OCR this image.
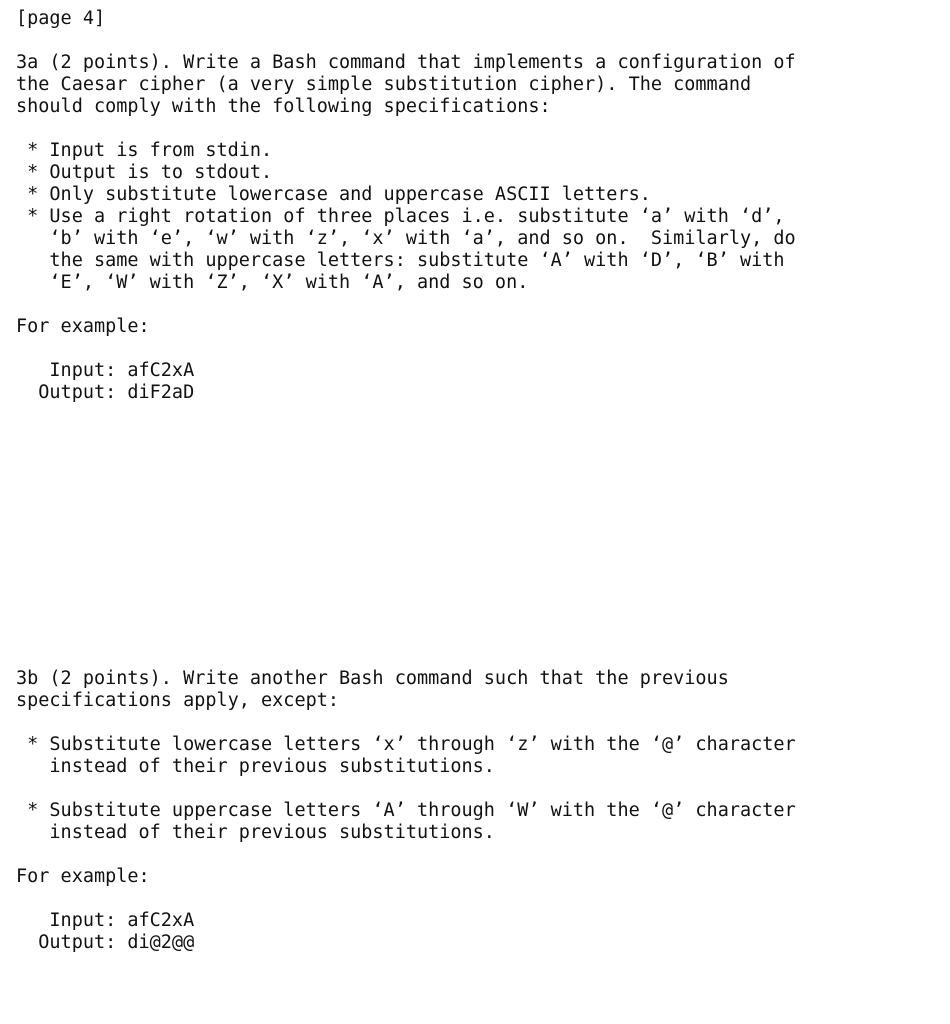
[page 4]
3a (2 points). Write a Bash command that implements a configuration of
the Caesar cipher (a very simple substitution cipher). The command
should comply with the following specifications:
* Input is from stdin.
* Output is to stdout.
* Only substitute lowercase and uppercase ASCII letters.
* Use a right rotation of three places i.e. substitute ‘a’ with ‘d’,
‘b’ with ‘e’, ‘w’ with ‘z’, ‘x’ with ‘a’, and so on.  Similarly, do
the same with uppercase letters: substitute ‘A’ with ‘D’, ‘B’ with
‘E’, ‘W’ with ‘Z’, ‘X’ with ‘A’, and so on.
For example:
Input: afC2xA
Output: diF2aD
3b (2 points). Write another Bash command such that the previous
specifications apply, except:
* Substitute lowercase letters ‘x’ through ‘z’ with the ‘@’ character
instead of their previous substitutions.
* Substitute uppercase letters ‘A’ through ‘W’ with the ‘@’ character
instead of their previous substitutions.
For example:
Input: afC2xA
Output: di@2@@
